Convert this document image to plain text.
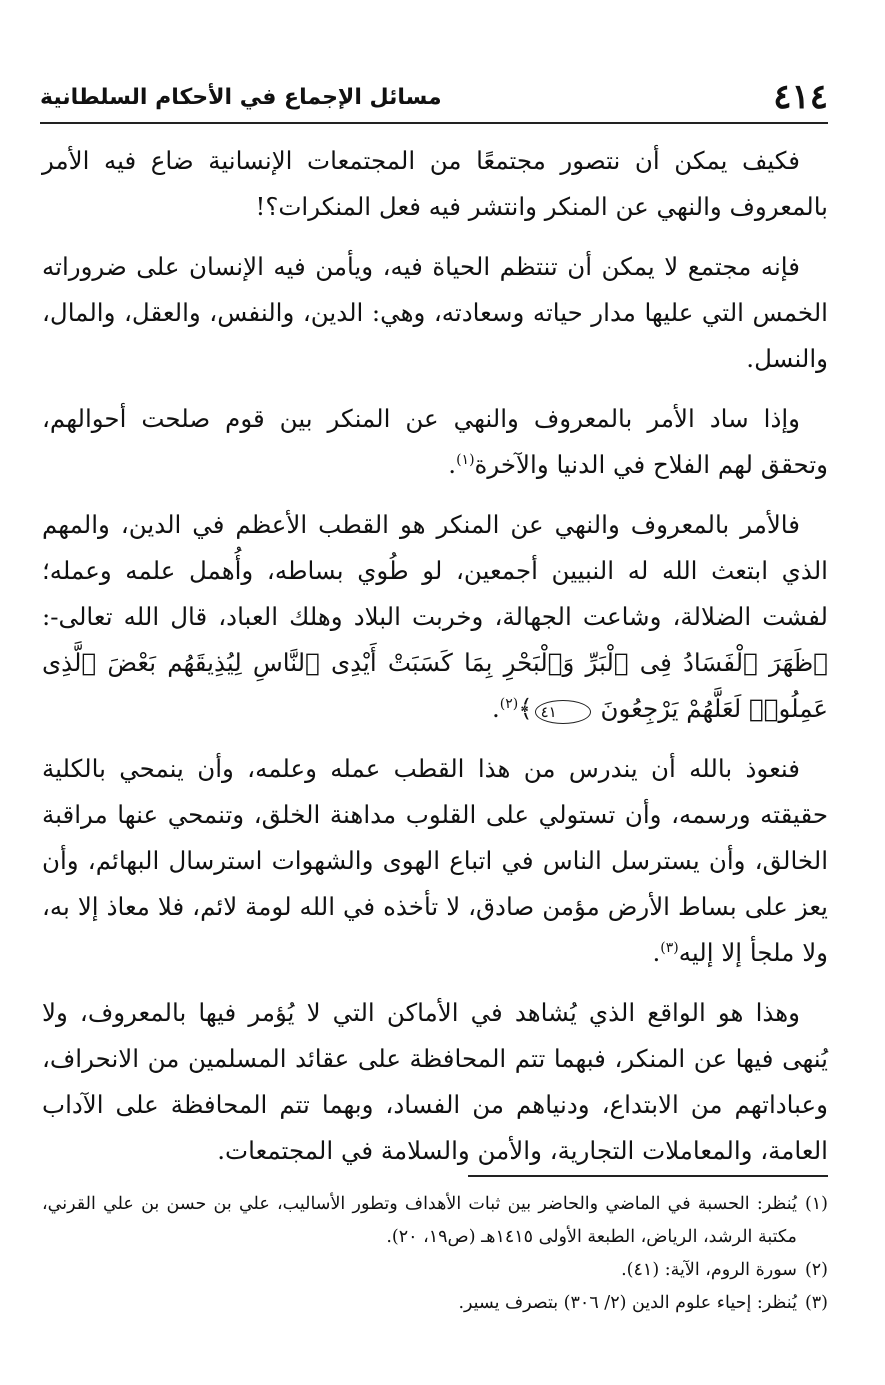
٤١٤
مسائل الإجماع في الأحكام السلطانية

فكيف يمكن أن نتصور مجتمعًا من المجتمعات الإنسانية ضاع فيه الأمر بالمعروف والنهي عن المنكر وانتشر فيه فعل المنكرات؟!

فإنه مجتمع لا يمكن أن تنتظم الحياة فيه، ويأمن فيه الإنسان على ضروراته الخمس التي عليها مدار حياته وسعادته، وهي: الدين، والنفس، والعقل، والمال، والنسل.

وإذا ساد الأمر بالمعروف والنهي عن المنكر بين قوم صلحت أحوالهم، وتحقق لهم الفلاح في الدنيا والآخرة$^{(١)}$.

فالأمر بالمعروف والنهي عن المنكر هو القطب الأعظم في الدين، والمهم الذي ابتعث الله له النبيين أجمعين، لو طُوي بساطه، وأُهمل علمه وعمله؛ لفشت الضلالة، وشاعت الجهالة، وخربت البلاد وهلك العباد، قال الله تعالى-: ﴿ظَهَرَ ٱلْفَسَادُ فِى ٱلْبَرِّ وَٱلْبَحْرِ بِمَا كَسَبَتْ أَيْدِى ٱلنَّاسِ لِيُذِيقَهُم بَعْضَ ٱلَّذِى عَمِلُوا۟ لَعَلَّهُمْ يَرْجِعُونَ ٤١﴾$^{(٢)}$.

فنعوذ بالله أن يندرس من هذا القطب عمله وعلمه، وأن ينمحي بالكلية حقيقته ورسمه، وأن تستولي على القلوب مداهنة الخلق، وتنمحي عنها مراقبة الخالق، وأن يسترسل الناس في اتباع الهوى والشهوات استرسال البهائم، وأن يعز على بساط الأرض مؤمن صادق، لا تأخذه في الله لومة لائم، فلا معاذ إلا به، ولا ملجأ إلا إليه$^{(٣)}$.

وهذا هو الواقع الذي يُشاهد في الأماكن التي لا يُؤمر فيها بالمعروف، ولا يُنهى فيها عن المنكر، فبهما تتم المحافظة على عقائد المسلمين من الانحراف، وعباداتهم من الابتداع، ودنياهم من الفساد، وبهما تتم المحافظة على الآداب العامة، والمعاملات التجارية، والأمن والسلامة في المجتمعات.

(١)
يُنظر: الحسبة في الماضي والحاضر بين ثبات الأهداف وتطور الأساليب، علي بن حسن بن علي القرني، مكتبة الرشد، الرياض، الطبعة الأولى ١٤١٥هـ (ص١٩، ٢٠).
(٢)
سورة الروم، الآية: (٤١).
(٣)
يُنظر: إحياء علوم الدين (٢/ ٣٠٦) بتصرف يسير.
